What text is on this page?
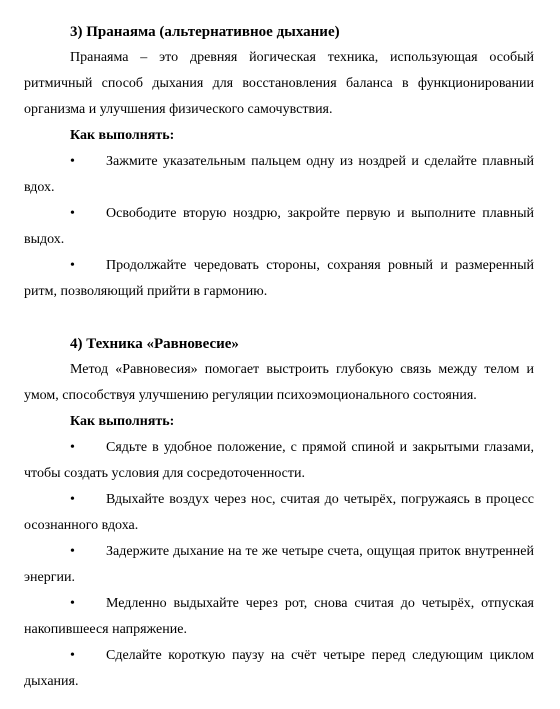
3) Пранаяма (альтернативное дыхание)

Пранаяма – это древняя йогическая техника, использующая особый ритмичный способ дыхания для восстановления баланса в функционировании организма и улучшения физического самочувствия.

Как выполнять:

• Зажмите указательным пальцем одну из ноздрей и сделайте плавный вдох.
• Освободите вторую ноздрю, закройте первую и выполните плавный выдох.
• Продолжайте чередовать стороны, сохраняя ровный и размеренный ритм, позволяющий прийти в гармонию.

4) Техника «Равновесие»

Метод «Равновесия» помогает выстроить глубокую связь между телом и умом, способствуя улучшению регуляции психоэмоционального состояния.

Как выполнять:

• Сядьте в удобное положение, с прямой спиной и закрытыми глазами, чтобы создать условия для сосредоточенности.
• Вдыхайте воздух через нос, считая до четырёх, погружаясь в процесс осознанного вдоха.
• Задержите дыхание на те же четыре счета, ощущая приток внутренней энергии.
• Медленно выдыхайте через рот, снова считая до четырёх, отпуская накопившееся напряжение.
• Сделайте короткую паузу на счёт четыре перед следующим циклом дыхания.
